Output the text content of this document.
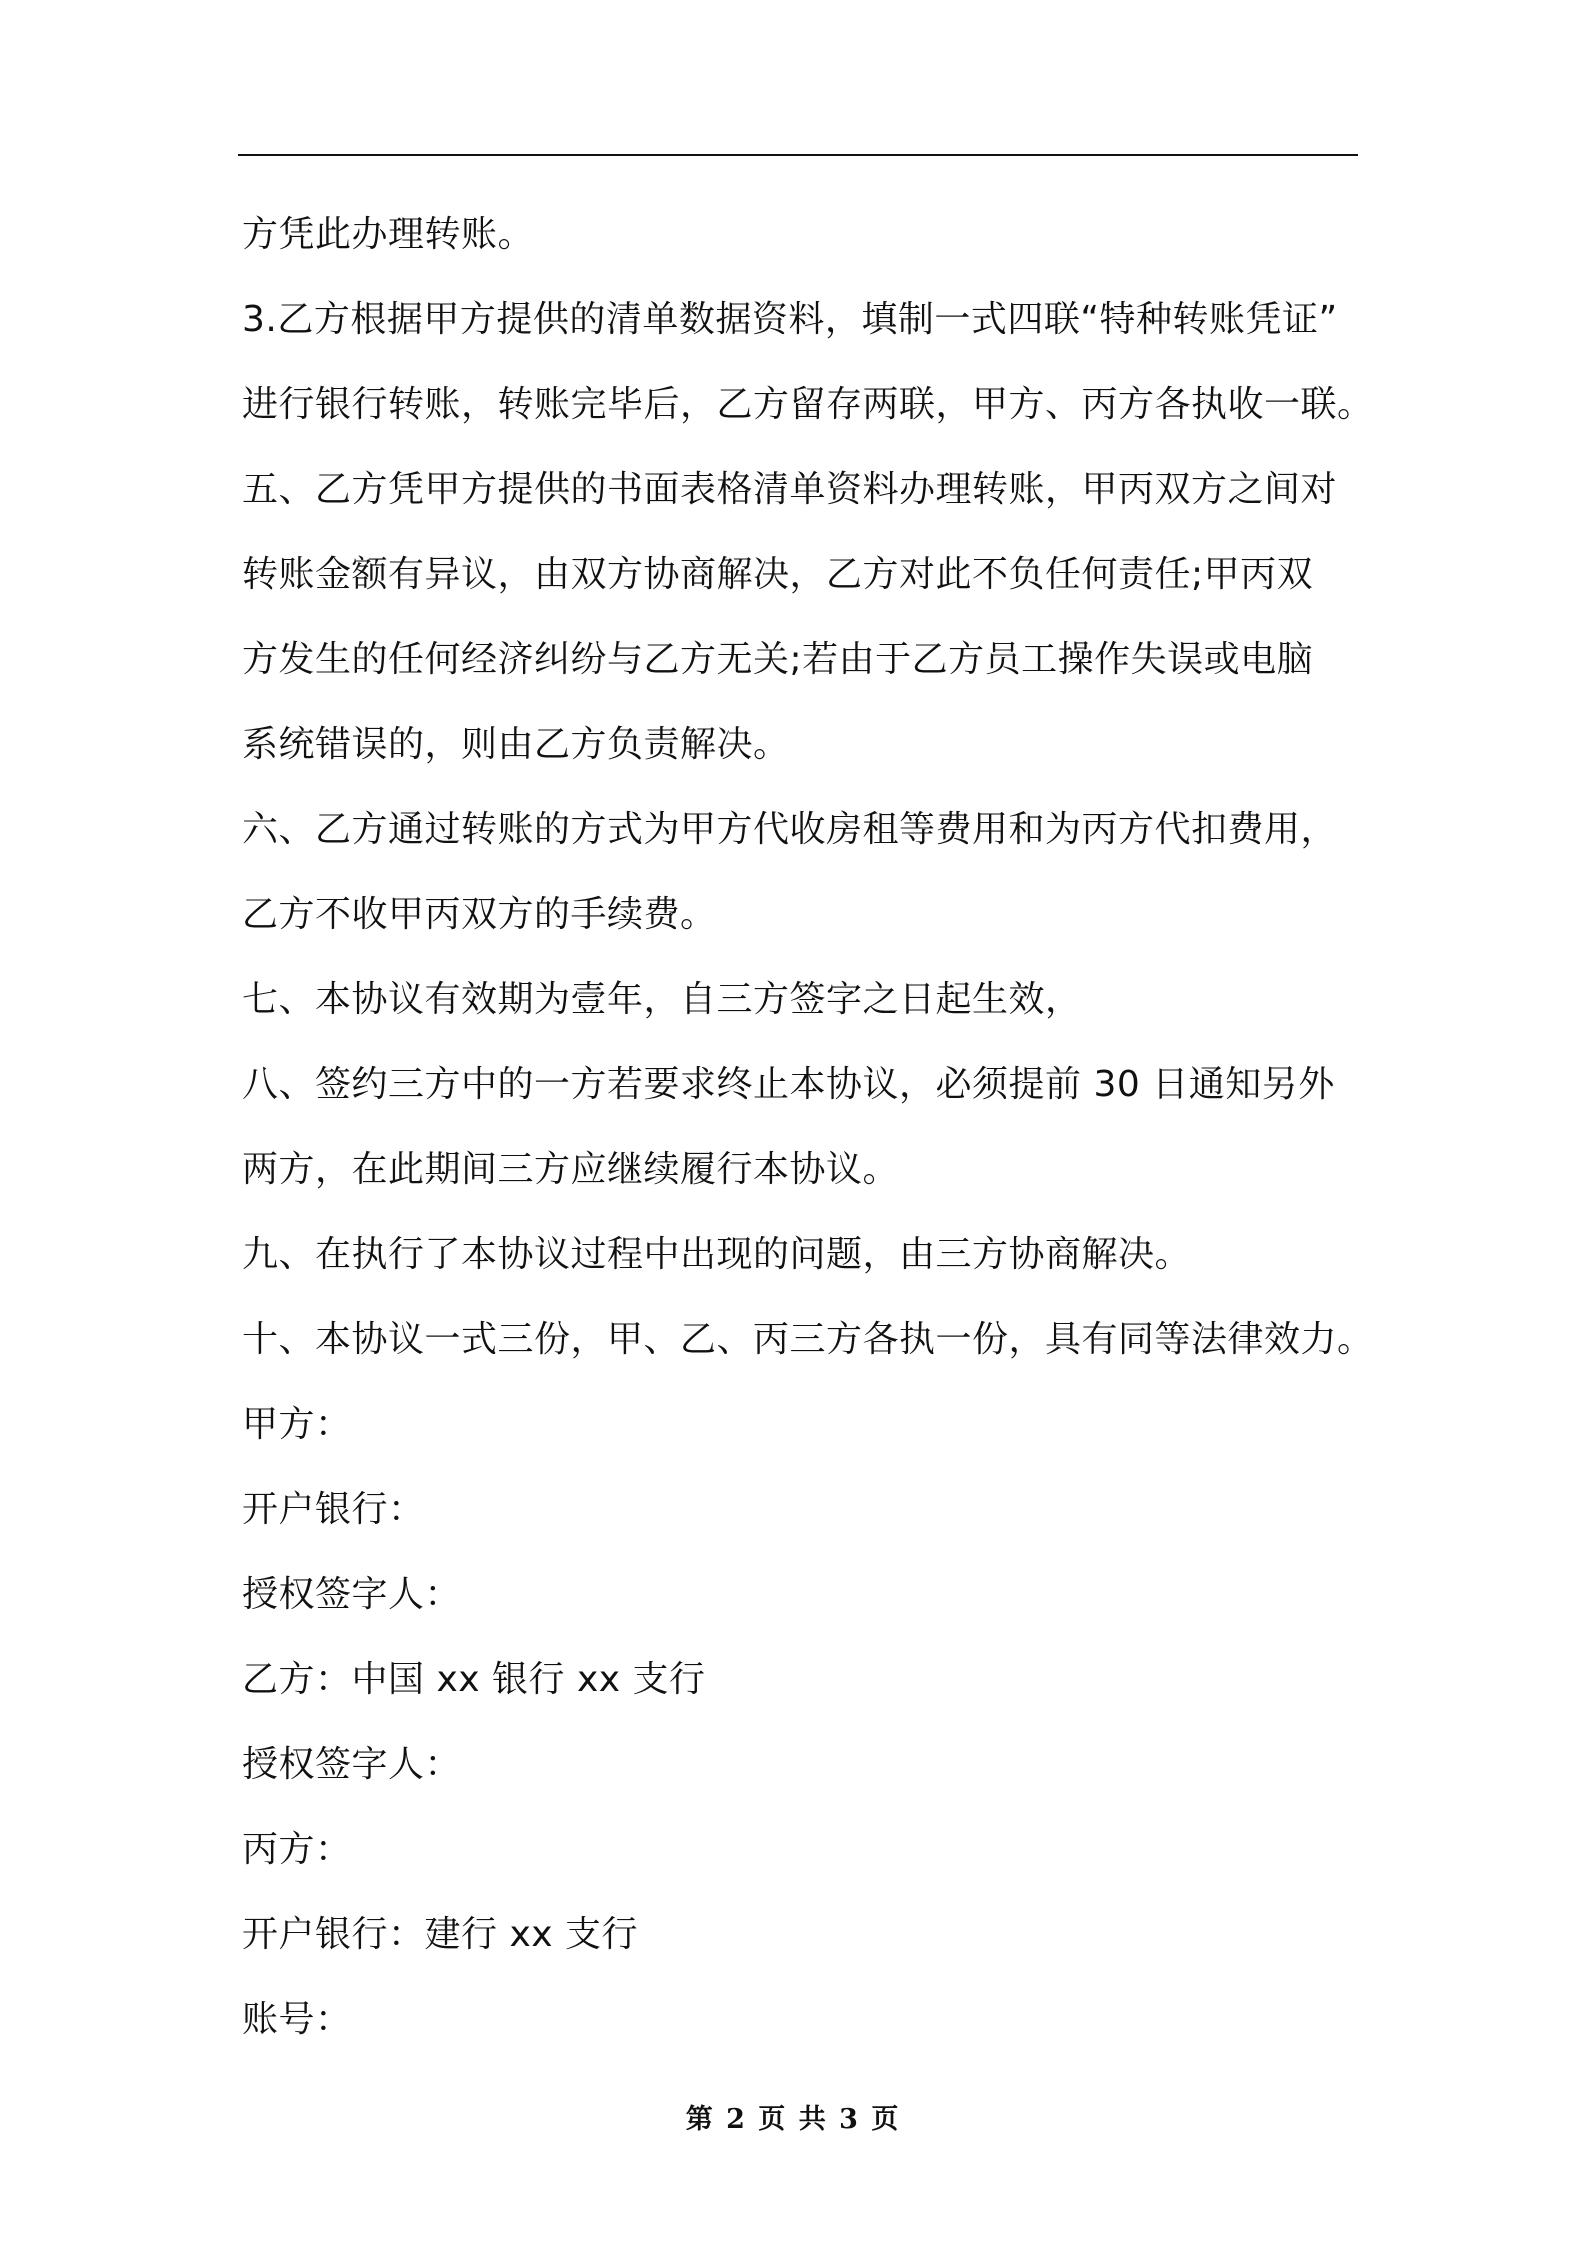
方凭此办理转账。
3.乙方根据甲方提供的清单数据资料，填制一式四联“特种转账凭证”
进行银行转账，转账完毕后，乙方留存两联，甲方、丙方各执收一联。
五、乙方凭甲方提供的书面表格清单资料办理转账，甲丙双方之间对
转账金额有异议，由双方协商解决，乙方对此不负任何责任;甲丙双
方发生的任何经济纠纷与乙方无关;若由于乙方员工操作失误或电脑
系统错误的，则由乙方负责解决。
六、乙方通过转账的方式为甲方代收房租等费用和为丙方代扣费用，
乙方不收甲丙双方的手续费。
七、本协议有效期为壹年，自三方签字之日起生效，
八、签约三方中的一方若要求终止本协议，必须提前 30 日通知另外
两方，在此期间三方应继续履行本协议。
九、在执行了本协议过程中出现的问题，由三方协商解决。
十、本协议一式三份，甲、乙、丙三方各执一份，具有同等法律效力。
甲方：
开户银行：
授权签字人：
乙方：中国 xx 银行 xx 支行
授权签字人：
丙方：
开户银行：建行 xx 支行
账号：
第 2 页 共 3 页
